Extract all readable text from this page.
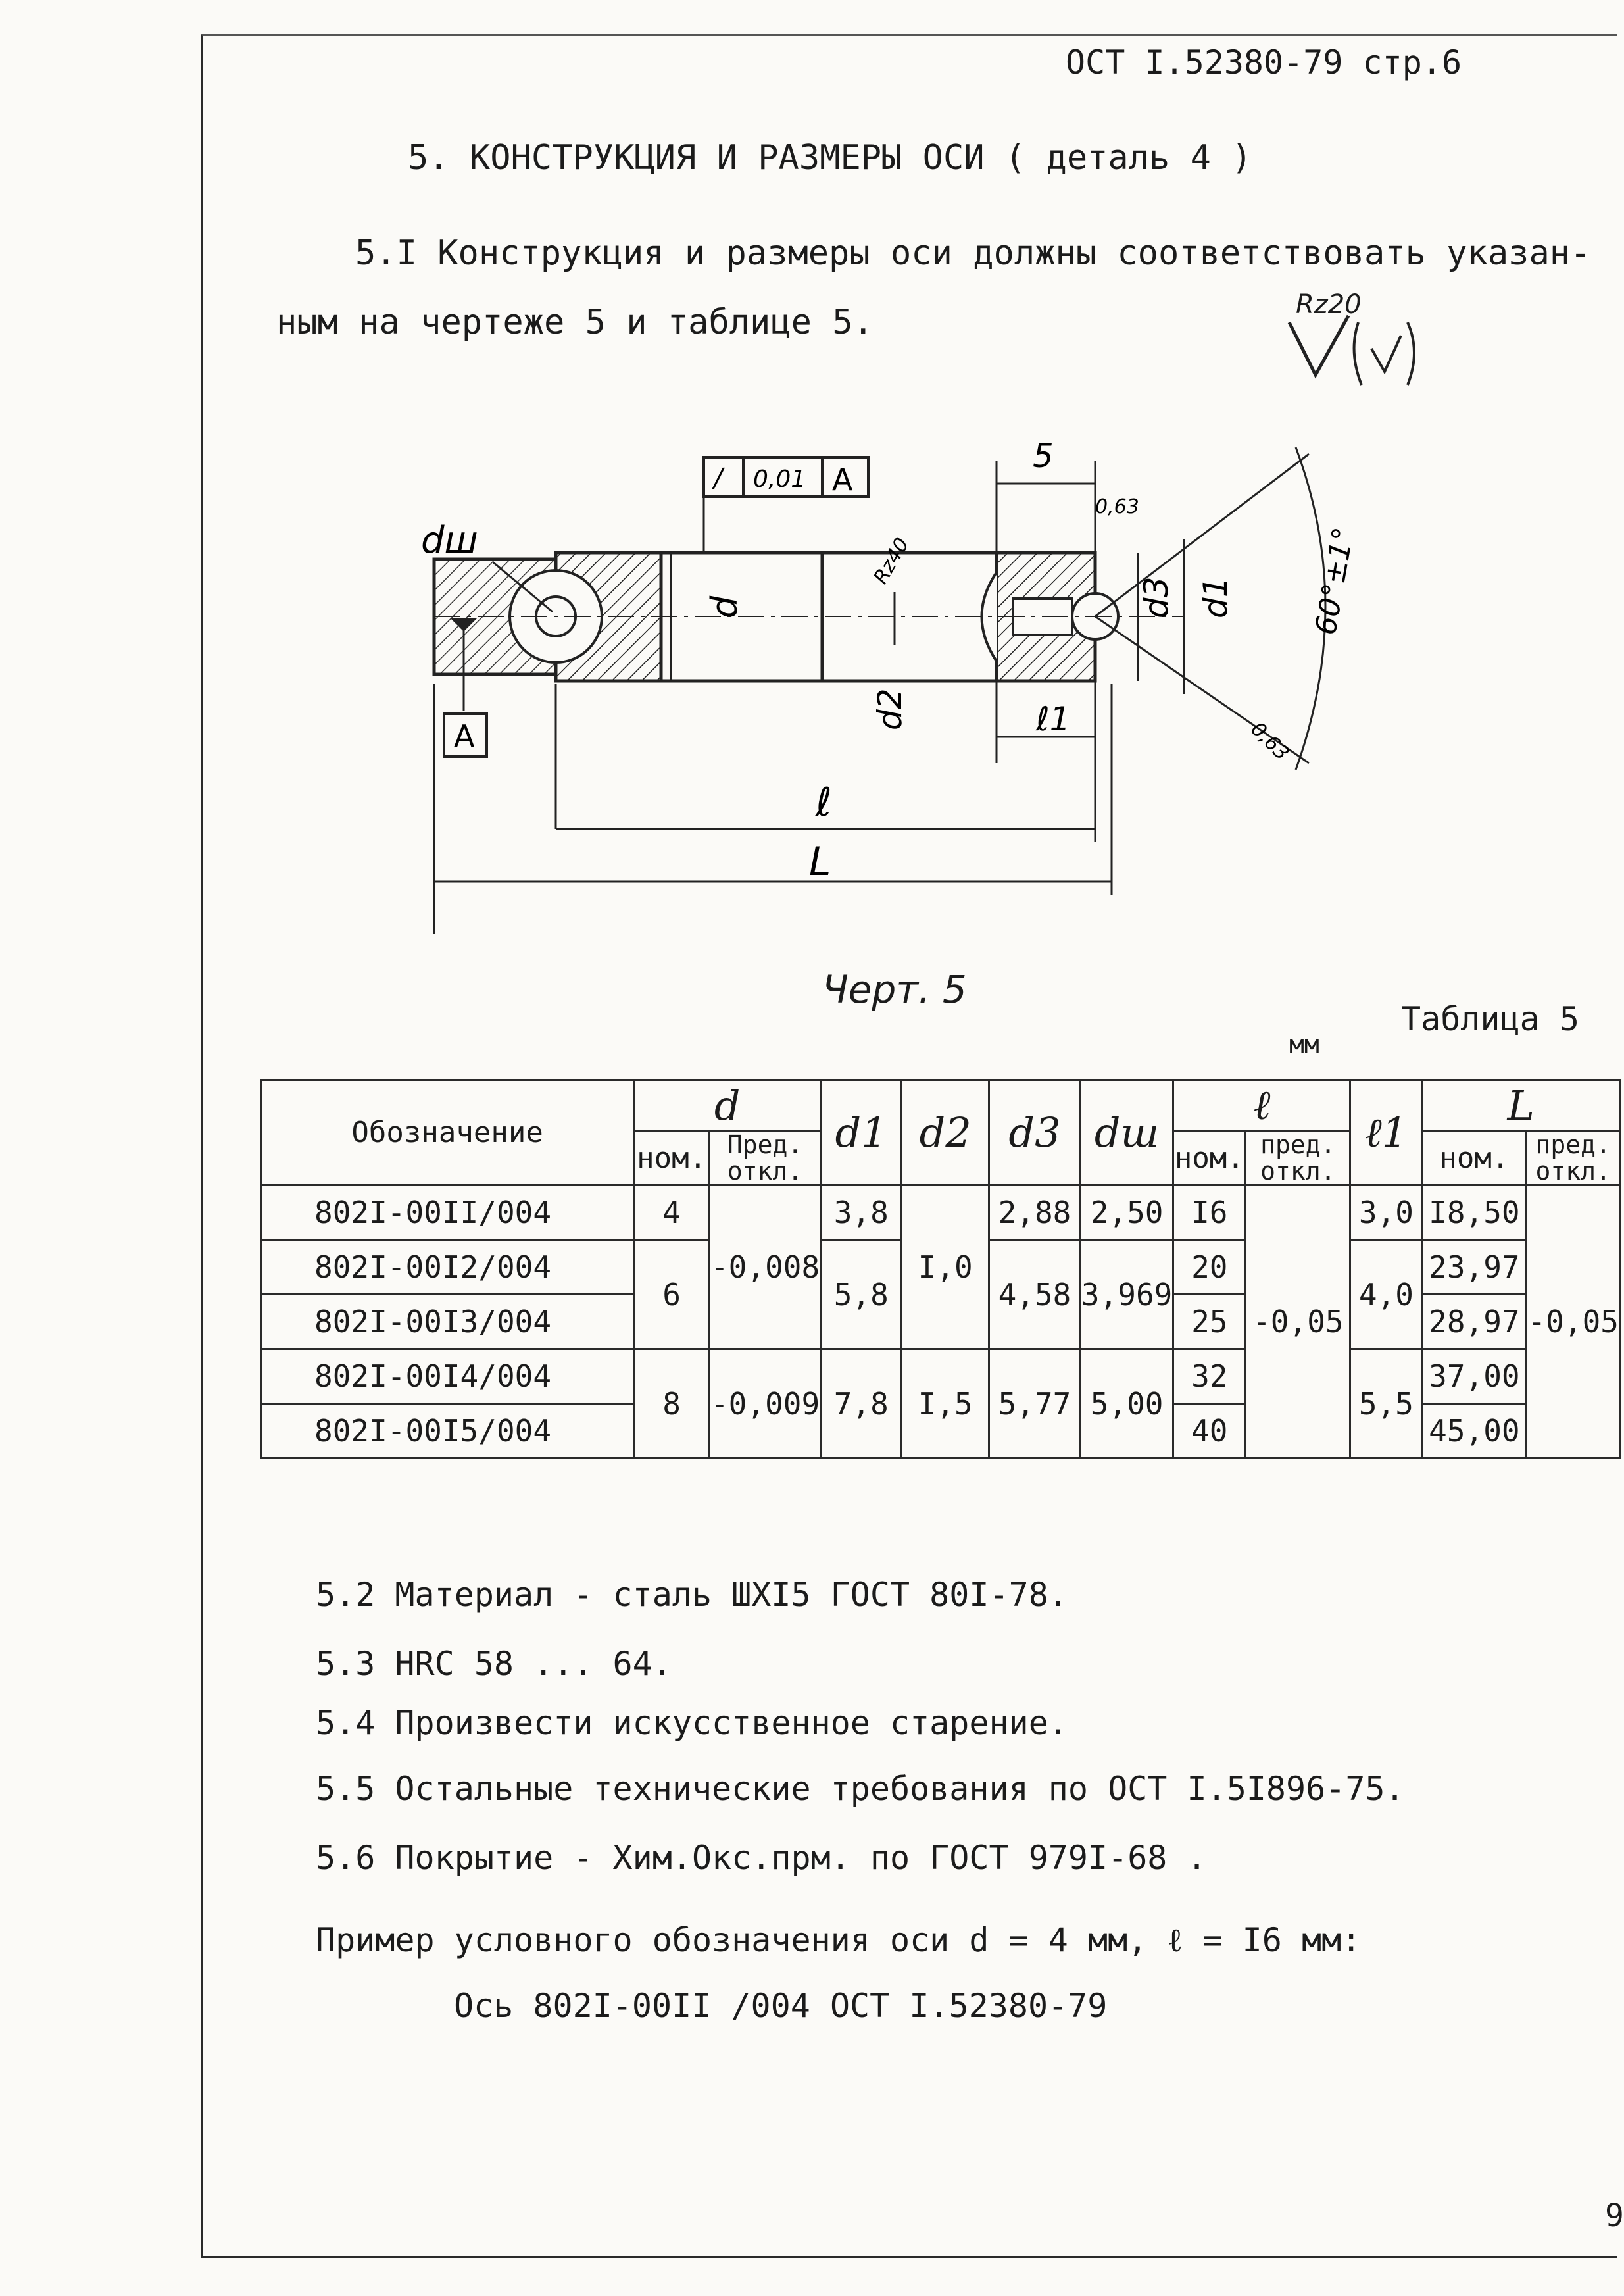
ОСТ I.52380-79 стр.6
5. КОНСТРУКЦИЯ И РАЗМЕРЫ ОСИ ( деталь 4 )
5.I Конструкция и размеры оси должны соответствовать указан-
ным на чертеже 5 и таблице 5.	Rz20
0,01 A
∕
A
dш
d
Rz40
d3 d1
d2	ℓ1
5
0,63
0,63
60°±1°
ℓ
L
Черт. 5
мм
Таблица 5
Обозначение	d		d1	d2	d3	dш	ℓ		ℓ1	L	
	ном.	Пред. откл.					ном.	пред. откл.		ном.	пред. откл.
802I-00II/004	4	-0,008	3,8	I,0	2,88	2,50	I6	-0,05	3,0	I8,50	-0,05
802I-00I2/004	6		5,8		4,58	3,969	20		4,0	23,97	
802I-00I3/004							25			28,97	
802I-00I4/004	8	-0,009	7,8	I,5	5,77	5,00	32		5,5	37,00	
802I-00I5/004							40			45,00	
5.2 Материал - сталь ШХI5 ГОСТ 80I-78.
5.3 HRC 58 ... 64.
5.4 Произвести искусственное старение.
5.5 Остальные технические требования по ОСТ I.5I896-75.
5.6 Покрытие - Хим.Окс.прм. по ГОСТ 979I-68 .
Пример условного обозначения оси d = 4 мм, ℓ = I6 мм:
Ось 802I-00II /004 ОСТ I.52380-79
9
